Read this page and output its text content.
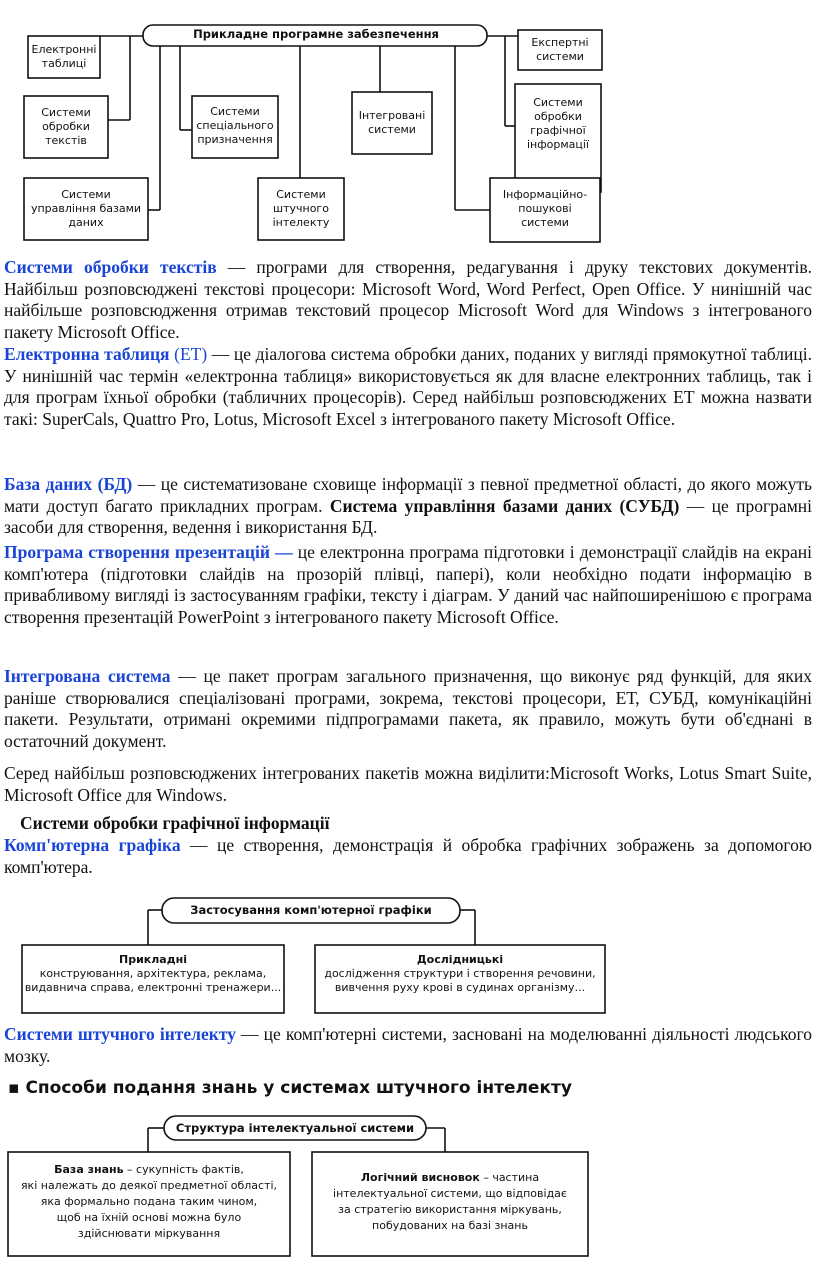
Прикладне програмне забезпечення
Електронні
таблиці
Системи
обробки
текстів
Системи
спеціального
призначення
Інтегровані
системи
Системи
управління базами
даних
Системи
штучного
інтелекту
Експертні
системи
Системи
обробки
графічної
інформації
Інформаційно-
пошукові
системи

Системи обробки текстів — програми для створення, редагування і друку текстових документів. Найбільш розповсюджені текстові процесори: Microsoft Word, Word Perfect, Open Office. У нинішній час найбільше розповсюдження отримав текстовий процесор Microsoft Word для Windows з інтегрованого пакету Microsoft Office.

Електронна таблиця (ЕТ) — це діалогова система обробки даних, поданих у вигляді прямокутної таблиці. У нинішній час термін «електронна таблиця» використовується як для власне електронних таблиць, так і для програм їхньої обробки (табличних процесорів). Серед найбільш розповсюджених ЕТ можна назвати такі: SuperCals, Quattro Pro, Lotus, Microsoft Excel з інтегрованого пакету Microsoft Office.

База даних (БД) — це систематизоване сховище інформації з певної предметної області, до якого можуть мати доступ багато прикладних програм. Система управління базами даних (СУБД) — це програмні засоби для створення, ведення і використання БД.

Програма створення презентацій — це електронна програма підготовки і демонстрації слайдів на екрані комп'ютера (підготовки слайдів на прозорій плівці, папері), коли необхідно подати інформацію в привабливому вигляді із застосуванням графіки, тексту і діаграм. У даний час найпоширенішою є програма створення презентацій PowerPoint з інтегрованого пакету Microsoft Office.

Інтегрована система — це пакет програм загального призначення, що виконує ряд функцій, для яких раніше створювалися спеціалізовані програми, зокрема, текстові процесори, ЕТ, СУБД, комунікаційні пакети. Результати, отримані окремими підпрограмами пакета, як правило, можуть бути об'єднані в остаточний документ.

Серед найбільш розповсюджених інтегрованих пакетів можна виділити:Microsoft Works, Lotus Smart Suite, Microsoft Office для Windows.

Системи обробки графічної інформації

Комп'ютерна графіка — це створення, демонстрація й обробка графічних зображень за допомогою комп'ютера.

Застосування комп'ютерної графіки
Прикладні
конструювання, архітектура, реклама,
видавнича справа, електронні тренажери...
Дослідницькі
дослідження структури і створення речовини,
вивчення руху крові в судинах організму...

Системи штучного інтелекту — це комп'ютерні системи, засновані на моделюванні діяльності людського мозку.

▪ Способи подання знань у системах штучного інтелекту
Структура інтелектуальної системи
База знань – сукупність фактів,
які належать до деякої предметної області,
яка формально подана таким чином,
щоб на їхній основі можна було
здійснювати міркування
Логічний висновок – частина
інтелектуальної системи, що відповідає
за стратегію використання міркувань,
побудованих на базі знань
